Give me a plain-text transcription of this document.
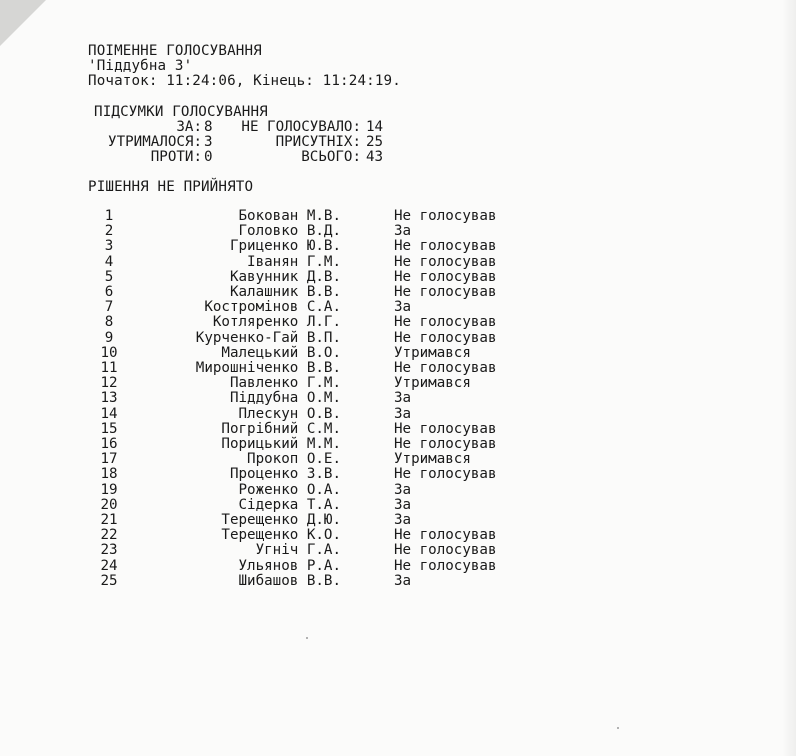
ПОІМЕННЕ ГОЛОСУВАННЯ
'Піддубна 3'
Початок: 11:24:06, Кінець: 11:24:19.
ПІДСУМКИ ГОЛОСУВАННЯ
ЗА: 8
УТРИМАЛОСЯ: 3
ПРОТИ: 0
НЕ ГОЛОСУВАЛО: 14
ПРИСУТНІХ: 25
ВСЬОГО: 43
РІШЕННЯ НЕ ПРИЙНЯТО
1	Бокован М.В.	Не голосував
2	Головко В.Д.	За
3	Гриценко Ю.В.	Не голосував
4	Іванян Г.М.	Не голосував
5	Кавунник Д.В.	Не голосував
6	Калашник В.В.	Не голосував
7	Костромінов С.А.	За
8	Котляренко Л.Г.	Не голосував
9	Курченко-Гай В.П.	Не голосував
10	Малецький В.О.	Утримався
11	Мирошніченко В.В.	Не голосував
12	Павленко Г.М.	Утримався
13	Піддубна О.М.	За
14	Плескун О.В.	За
15	Погрібний С.М.	Не голосував
16	Порицький М.М.	Не голосував
17	Прокоп О.Е.	Утримався
18	Проценко З.В.	Не голосував
19	Роженко О.А.	За
20	Сідерка Т.А.	За
21	Терещенко Д.Ю.	За
22	Терещенко К.О.	Не голосував
23	Угніч Г.А.	Не голосував
24	Ульянов Р.А.	Не голосував
25	Шибашов В.В.	За
